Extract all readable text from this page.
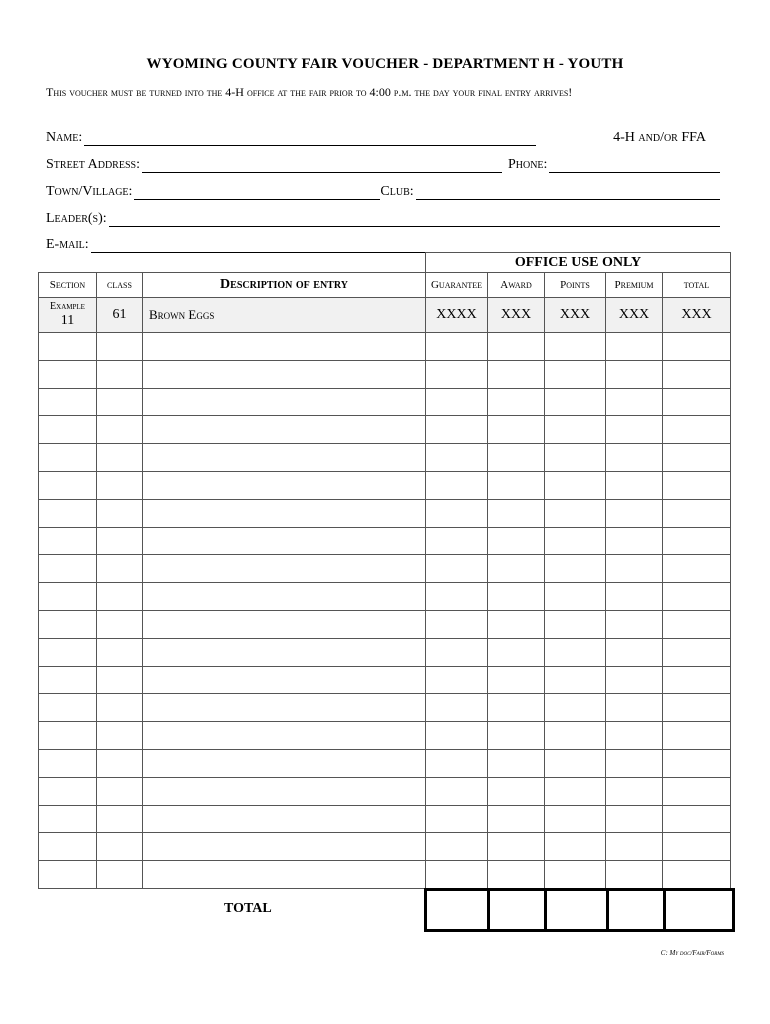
WYOMING COUNTY FAIR VOUCHER - DEPARTMENT H - YOUTH
This voucher must be turned into the 4-H office at the fair prior to 4:00 p.m. the day your final entry arrives!
Name:	4-H and/or FFA
Street Address:	Phone:
Town/Village:	Club:
Leader(s):
E-mail:
			OFFICE USE ONLY				
Section	class	Description of entry	Guarantee	Award	Points	Premium	total

Example
11	61	Brown Eggs	XXXX	XXX	XXX	XXX	XXX

TOTAL
C: My doc/Fair/Forms
